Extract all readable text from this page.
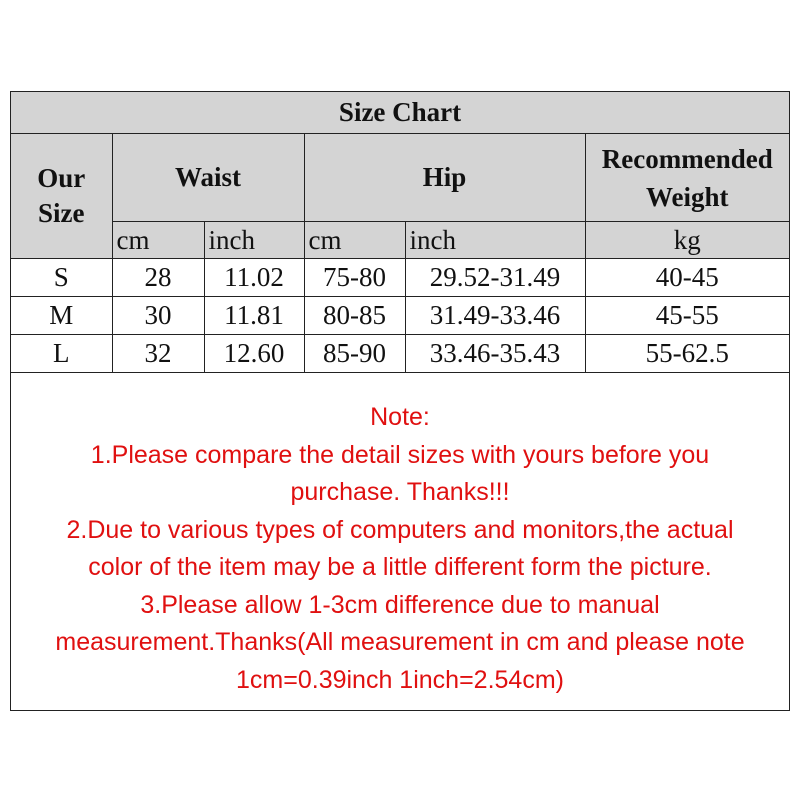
Size Chart					
Our Size	Waist		Hip		Recommended Weight
	cm	inch	cm	inch	kg
S	28	11.02	75-80	29.52-31.49	40-45
M	30	11.81	80-85	31.49-33.46	45-55
L	32	12.60	85-90	33.46-35.43	55-62.5

Note:

1.Please compare the detail sizes with yours before you

purchase. Thanks!!!

2.Due to various types of computers and monitors,the actual

color of the item may be a little different form the picture.

3.Please allow 1-3cm difference due to manual

measurement.Thanks(All measurement in cm and please note

1cm=0.39inch 1inch=2.54cm)
